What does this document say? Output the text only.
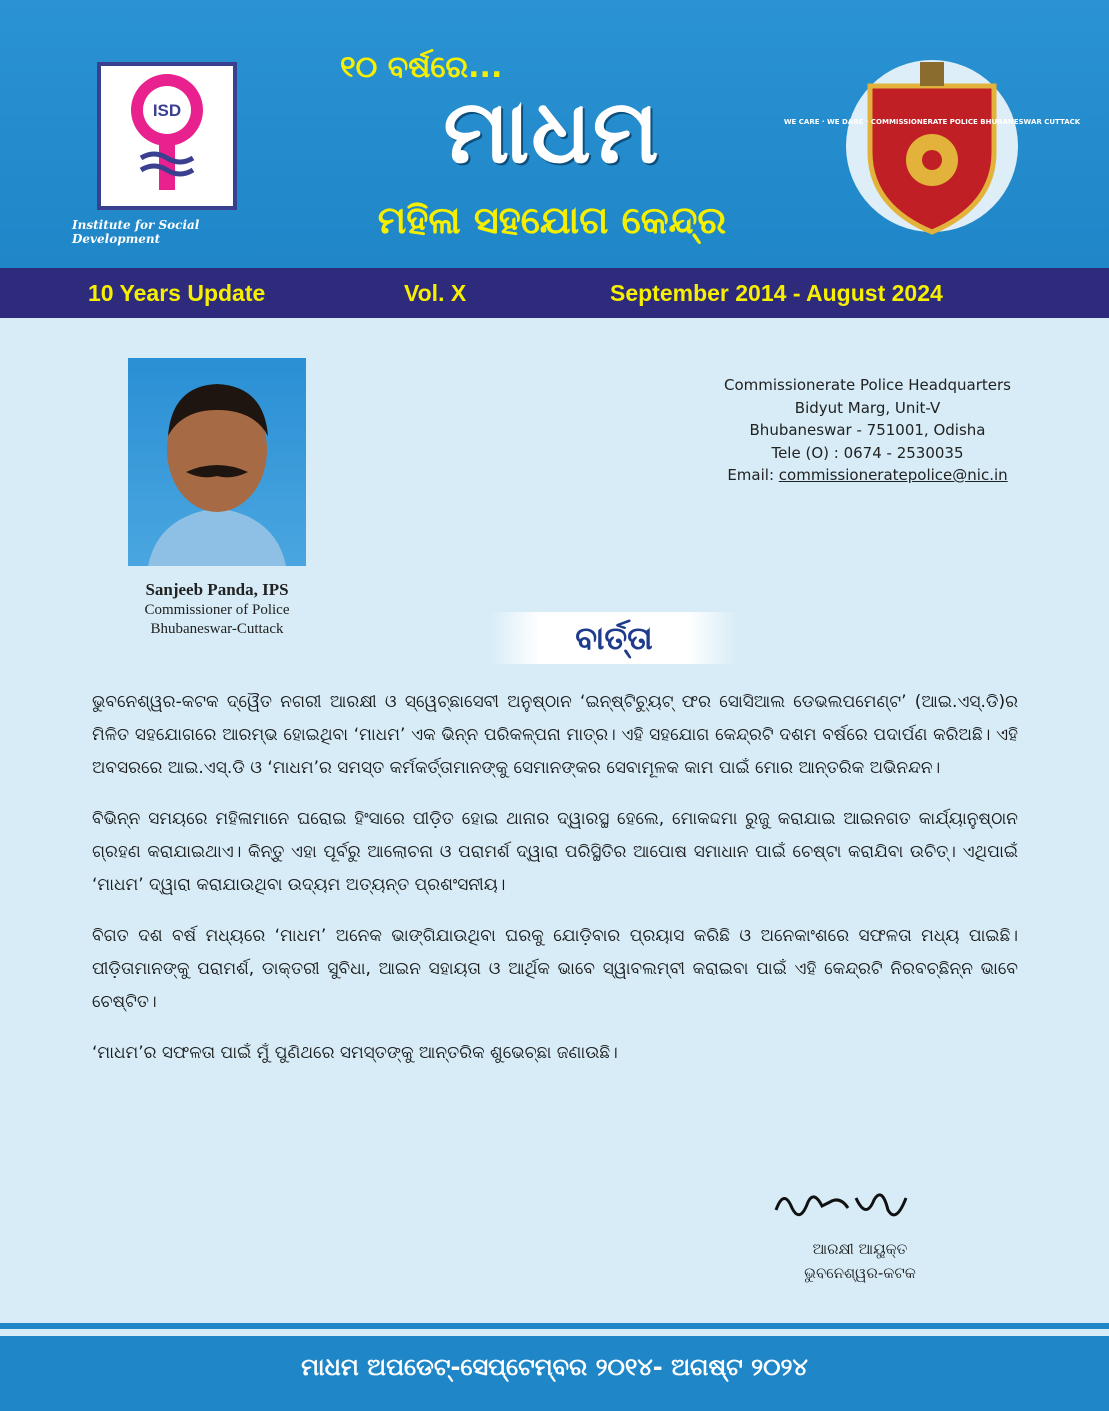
ISD
Institute for Social Development
୧୦ ବର୍ଷରେ...
ମାଧମ
ମହିଳା ସହଯୋଗ କେନ୍ଦ୍ର
WE CARE · WE DARE · COMMISSIONERATE POLICE BHUBANESWAR CUTTACK
10 Years Update	Vol. X	September 2014 - August 2024
Sanjeeb Panda, IPS
Commissioner of Police
Bhubaneswar-Cuttack
Commissionerate Police Headquarters
Bidyut Marg, Unit-V
Bhubaneswar - 751001, Odisha
Tele (O) : 0674 - 2530035
Email: commissioneratepolice@nic.in
ବାର୍ତ୍ତା

ଭୁବନେଶ୍ୱର-କଟକ ଦ୍ୱୈତ ନଗରୀ ଆରକ୍ଷୀ ଓ ସ୍ୱେଚ୍ଛାସେବୀ ଅନୁଷ୍ଠାନ ‘ଇନ୍ଷ୍ଟିଚ୍ୟୁଟ୍ ଫର ସୋସିଆଲ ଡେଭଲପମେଣ୍ଟ’ (ଆଇ.ଏସ୍.ଡି)ର ମିଳିତ ସହଯୋଗରେ ଆରମ୍ଭ ହୋଇଥିବା ‘ମାଧମ’ ଏକ ଭିନ୍ନ ପରିକଳ୍ପନା ମାତ୍ର। ଏହି ସହଯୋଗ କେନ୍ଦ୍ରଟି ଦଶମ ବର୍ଷରେ ପଦାର୍ପଣ କରିଅଛି। ଏହି ଅବସରରେ ଆଇ.ଏସ୍.ଡି ଓ ‘ମାଧମ’ର ସମସ୍ତ କର୍ମକର୍ତ୍ତାମାନଙ୍କୁ ସେମାନଙ୍କର ସେବାମୂଳକ କାମ ପାଇଁ ମୋର ଆନ୍ତରିକ ଅଭିନନ୍ଦନ।

ବିଭିନ୍ନ ସମୟରେ ମହିଳାମାନେ ଘରୋଇ ହିଂସାରେ ପୀଡ଼ିତ ହୋଇ ଥାନାର ଦ୍ୱାରସ୍ଥ ହେଲେ, ମୋକଦ୍ଦମା ରୁଜୁ କରାଯାଇ ଆଇନଗତ କାର୍ଯ୍ୟାନୁଷ୍ଠାନ ଗ୍ରହଣ କରାଯାଇଥାଏ। କିନ୍ତୁ ଏହା ପୂର୍ବରୁ ଆଲୋଚନା ଓ ପରାମର୍ଶ ଦ୍ୱାରା ପରିସ୍ଥିତିର ଆପୋଷ ସମାଧାନ ପାଇଁ ଚେଷ୍ଟା କରାଯିବା ଉଚିତ୍। ଏଥିପାଇଁ ‘ମାଧମ’ ଦ୍ୱାରା କରାଯାଉଥିବା ଉଦ୍ୟମ ଅତ୍ୟନ୍ତ ପ୍ରଶଂସନୀୟ।

ବିଗତ ଦଶ ବର୍ଷ ମଧ୍ୟରେ ‘ମାଧମ’ ଅନେକ ଭାଙ୍ଗିଯାଉଥିବା ଘରକୁ ଯୋଡ଼ିବାର ପ୍ରୟାସ କରିଛି ଓ ଅନେକାଂଶରେ ସଫଳତା ମଧ୍ୟ ପାଇଛି। ପୀଡ଼ିତାମାନଙ୍କୁ ପରାମର୍ଶ, ଡାକ୍ତରୀ ସୁବିଧା, ଆଇନ ସହାୟତା ଓ ଆର୍ଥିକ ଭାବେ ସ୍ୱାବଲମ୍ବୀ କରାଇବା ପାଇଁ ଏହି କେନ୍ଦ୍ରଟି ନିରବଚ୍ଛିନ୍ନ ଭାବେ ଚେଷ୍ଟିତ।

‘ମାଧମ’ର ସଫଳତା ପାଇଁ ମୁଁ ପୁଣିଥରେ ସମସ୍ତଙ୍କୁ ଆନ୍ତରିକ ଶୁଭେଚ୍ଛା ଜଣାଉଛି।

ଆରକ୍ଷୀ ଆୟୁକ୍ତ
ଭୁବନେଶ୍ୱର-କଟକ
ମାଧମ ଅପଡେଟ୍-ସେପ୍ଟେମ୍ବର ୨୦୧୪- ଅଗଷ୍ଟ ୨୦୨୪
